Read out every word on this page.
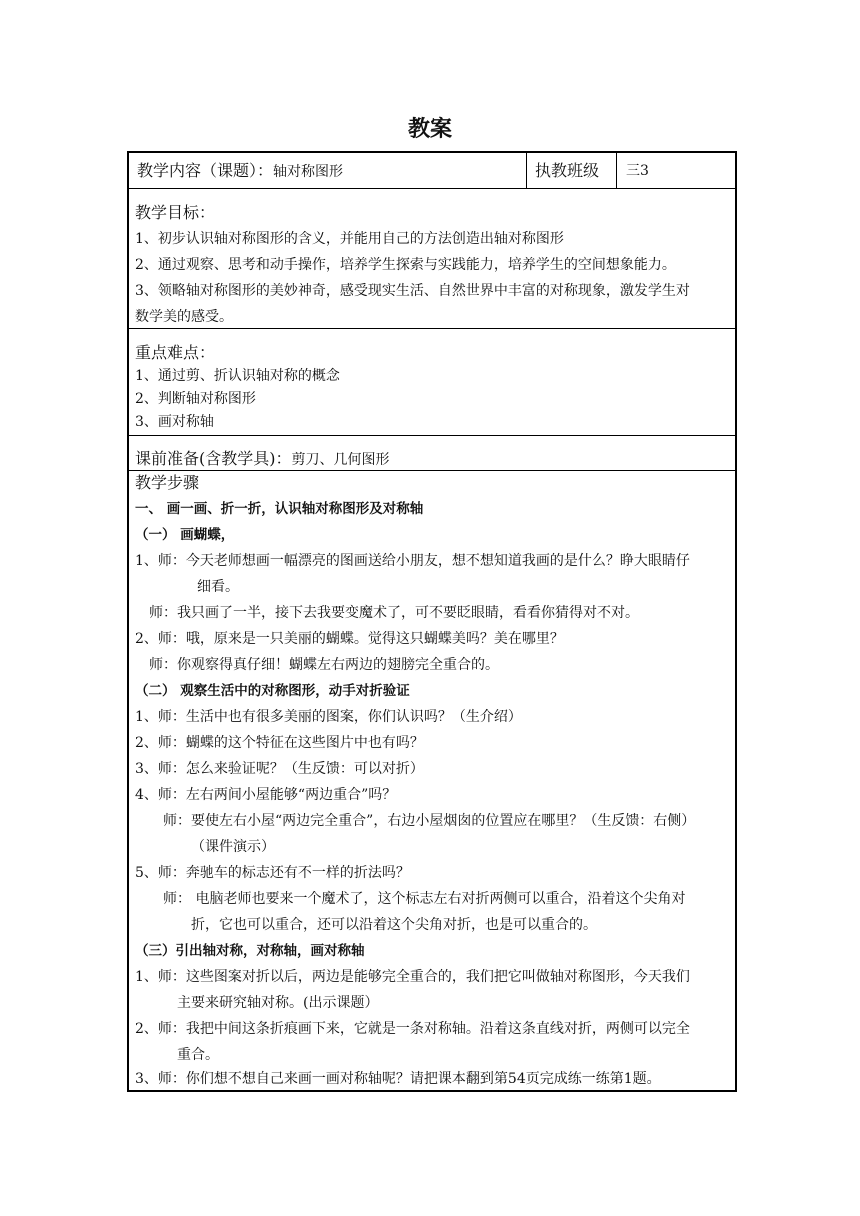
教案
教学内容（课题）：轴对称图形	执教班级 三3
教学目标：
1、初步认识轴对称图形的含义，并能用自己的方法创造出轴对称图形
2、通过观察、思考和动手操作，培养学生探索与实践能力，培养学生的空间想象能力。
3、领略轴对称图形的美妙神奇，感受现实生活、自然世界中丰富的对称现象，激发学生对
数学美的感受。
重点难点：
1、通过剪、折认识轴对称的概念
2、判断轴对称图形
3、画对称轴
课前准备(含教学具)：剪刀、几何图形
教学步骤
一、 画一画、折一折，认识轴对称图形及对称轴
（一） 画蝴蝶，
1、师：今天老师想画一幅漂亮的图画送给小朋友，想不想知道我画的是什么？睁大眼睛仔
细看。
师：我只画了一半，接下去我要变魔术了，可不要眨眼睛，看看你猜得对不对。
2、师：哦，原来是一只美丽的蝴蝶。觉得这只蝴蝶美吗？美在哪里？
师：你观察得真仔细！蝴蝶左右两边的翅膀完全重合的。
（二） 观察生活中的对称图形，动手对折验证
1、师：生活中也有很多美丽的图案，你们认识吗？（生介绍）
2、师：蝴蝶的这个特征在这些图片中也有吗？
3、师：怎么来验证呢？（生反馈：可以对折）
4、师：左右两间小屋能够“两边重合”吗？
师：要使左右小屋“两边完全重合”，右边小屋烟囱的位置应在哪里？（生反馈：右侧）
（课件演示）
5、师：奔驰车的标志还有不一样的折法吗？
师： 电脑老师也要来一个魔术了，这个标志左右对折两侧可以重合，沿着这个尖角对
折，它也可以重合，还可以沿着这个尖角对折，也是可以重合的。
（三）引出轴对称，对称轴，画对称轴
1、师：这些图案对折以后，两边是能够完全重合的，我们把它叫做轴对称图形，今天我们
主要来研究轴对称。(出示课题）
2、师：我把中间这条折痕画下来，它就是一条对称轴。沿着这条直线对折，两侧可以完全
重合。
3、师：你们想不想自己来画一画对称轴呢？请把课本翻到第54页完成练一练第1题。
